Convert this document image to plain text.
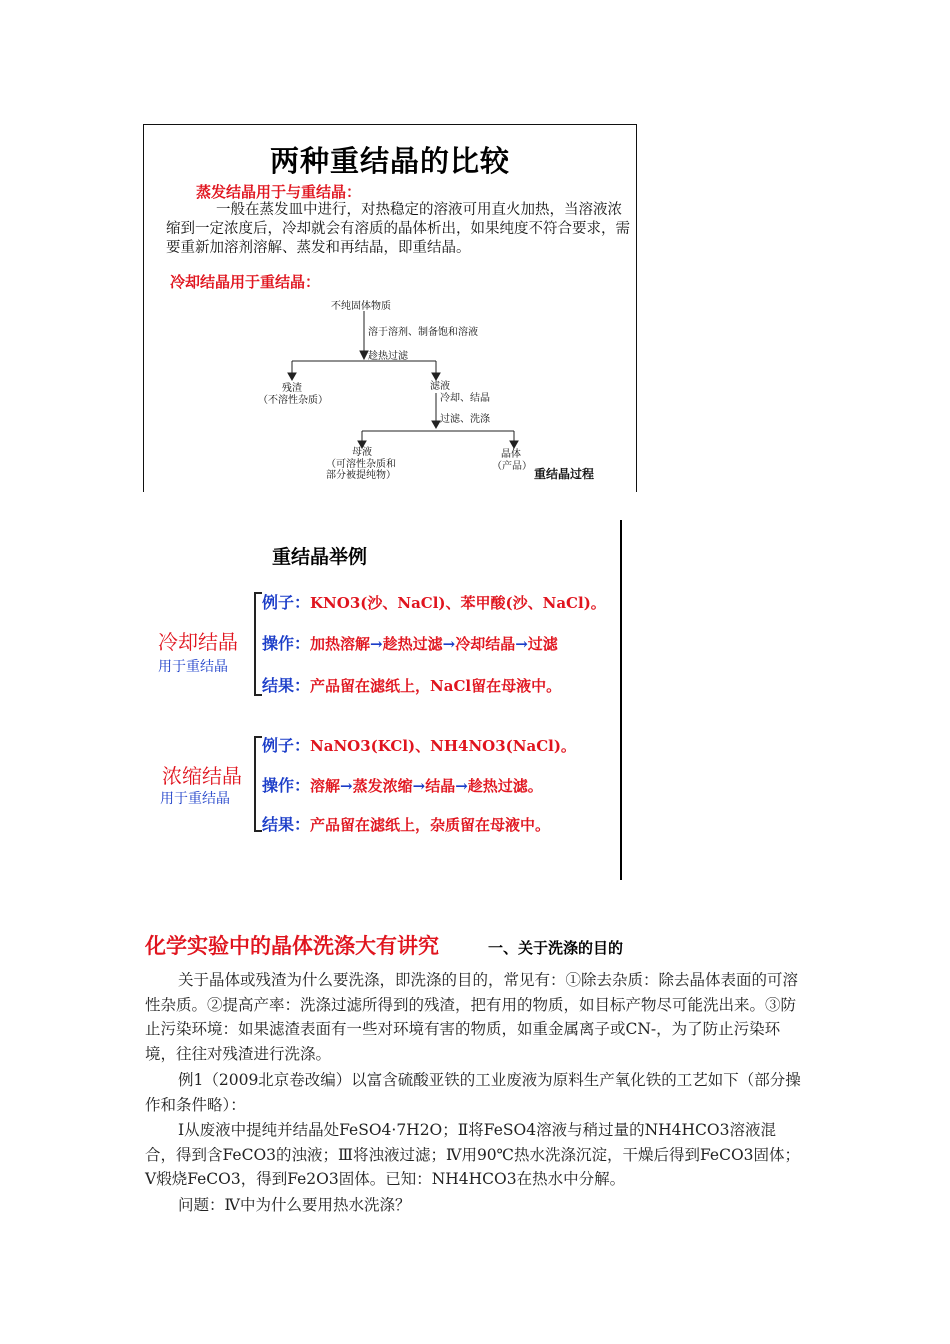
两种重结晶的比较
蒸发结晶用于与重结晶：
一般在蒸发皿中进行，对热稳定的溶液可用直火加热，当溶液浓缩到一定浓度后，冷却就会有溶质的晶体析出，如果纯度不符合要求，需要重新加溶剂溶解、蒸发和再结晶，即重结晶。
冷却结晶用于重结晶：
不纯固体物质
溶于溶剂、制备饱和溶液
趁热过滤
残渣
（不溶性杂质）
滤液
冷却、结晶
过滤、洗涤
母液
（可溶性杂质和
部分被提纯物）
晶体
（产品）
重结晶过程
重结晶举例
冷却结晶
用于重结晶
例子：KNO3(沙、NaCl)、苯甲酸(沙、NaCl)。
操作：加热溶解→趁热过滤→冷却结晶→过滤
结果：产品留在滤纸上，NaCl留在母液中。
浓缩结晶
用于重结晶
例子：NaNO3(KCl)、NH4NO3(NaCl)。
操作：溶解→蒸发浓缩→结晶→趁热过滤。
结果：产品留在滤纸上，杂质留在母液中。
化学实验中的晶体洗涤大有讲究	一、关于洗涤的目的
关于晶体或残渣为什么要洗涤，即洗涤的目的，常见有：①除去杂质：除去晶体表面的可溶性杂质。②提高产率：洗涤过滤所得到的残渣，把有用的物质，如目标产物尽可能洗出来。③防止污染环境：如果滤渣表面有一些对环境有害的物质，如重金属离子或CN-，为了防止污染环境，往往对残渣进行洗涤。
例1（2009北京卷改编）以富含硫酸亚铁的工业废液为原料生产氧化铁的工艺如下（部分操作和条件略）：
Ⅰ从废液中提纯并结晶处FeSO4·7H2O；Ⅱ将FeSO4溶液与稍过量的NH4HCO3溶液混合，得到含FeCO3的浊液；Ⅲ将浊液过滤；Ⅳ用90℃热水洗涤沉淀，干燥后得到FeCO3固体；Ⅴ煅烧FeCO3，得到Fe2O3固体。已知：NH4HCO3在热水中分解。
问题：Ⅳ中为什么要用热水洗涤？
